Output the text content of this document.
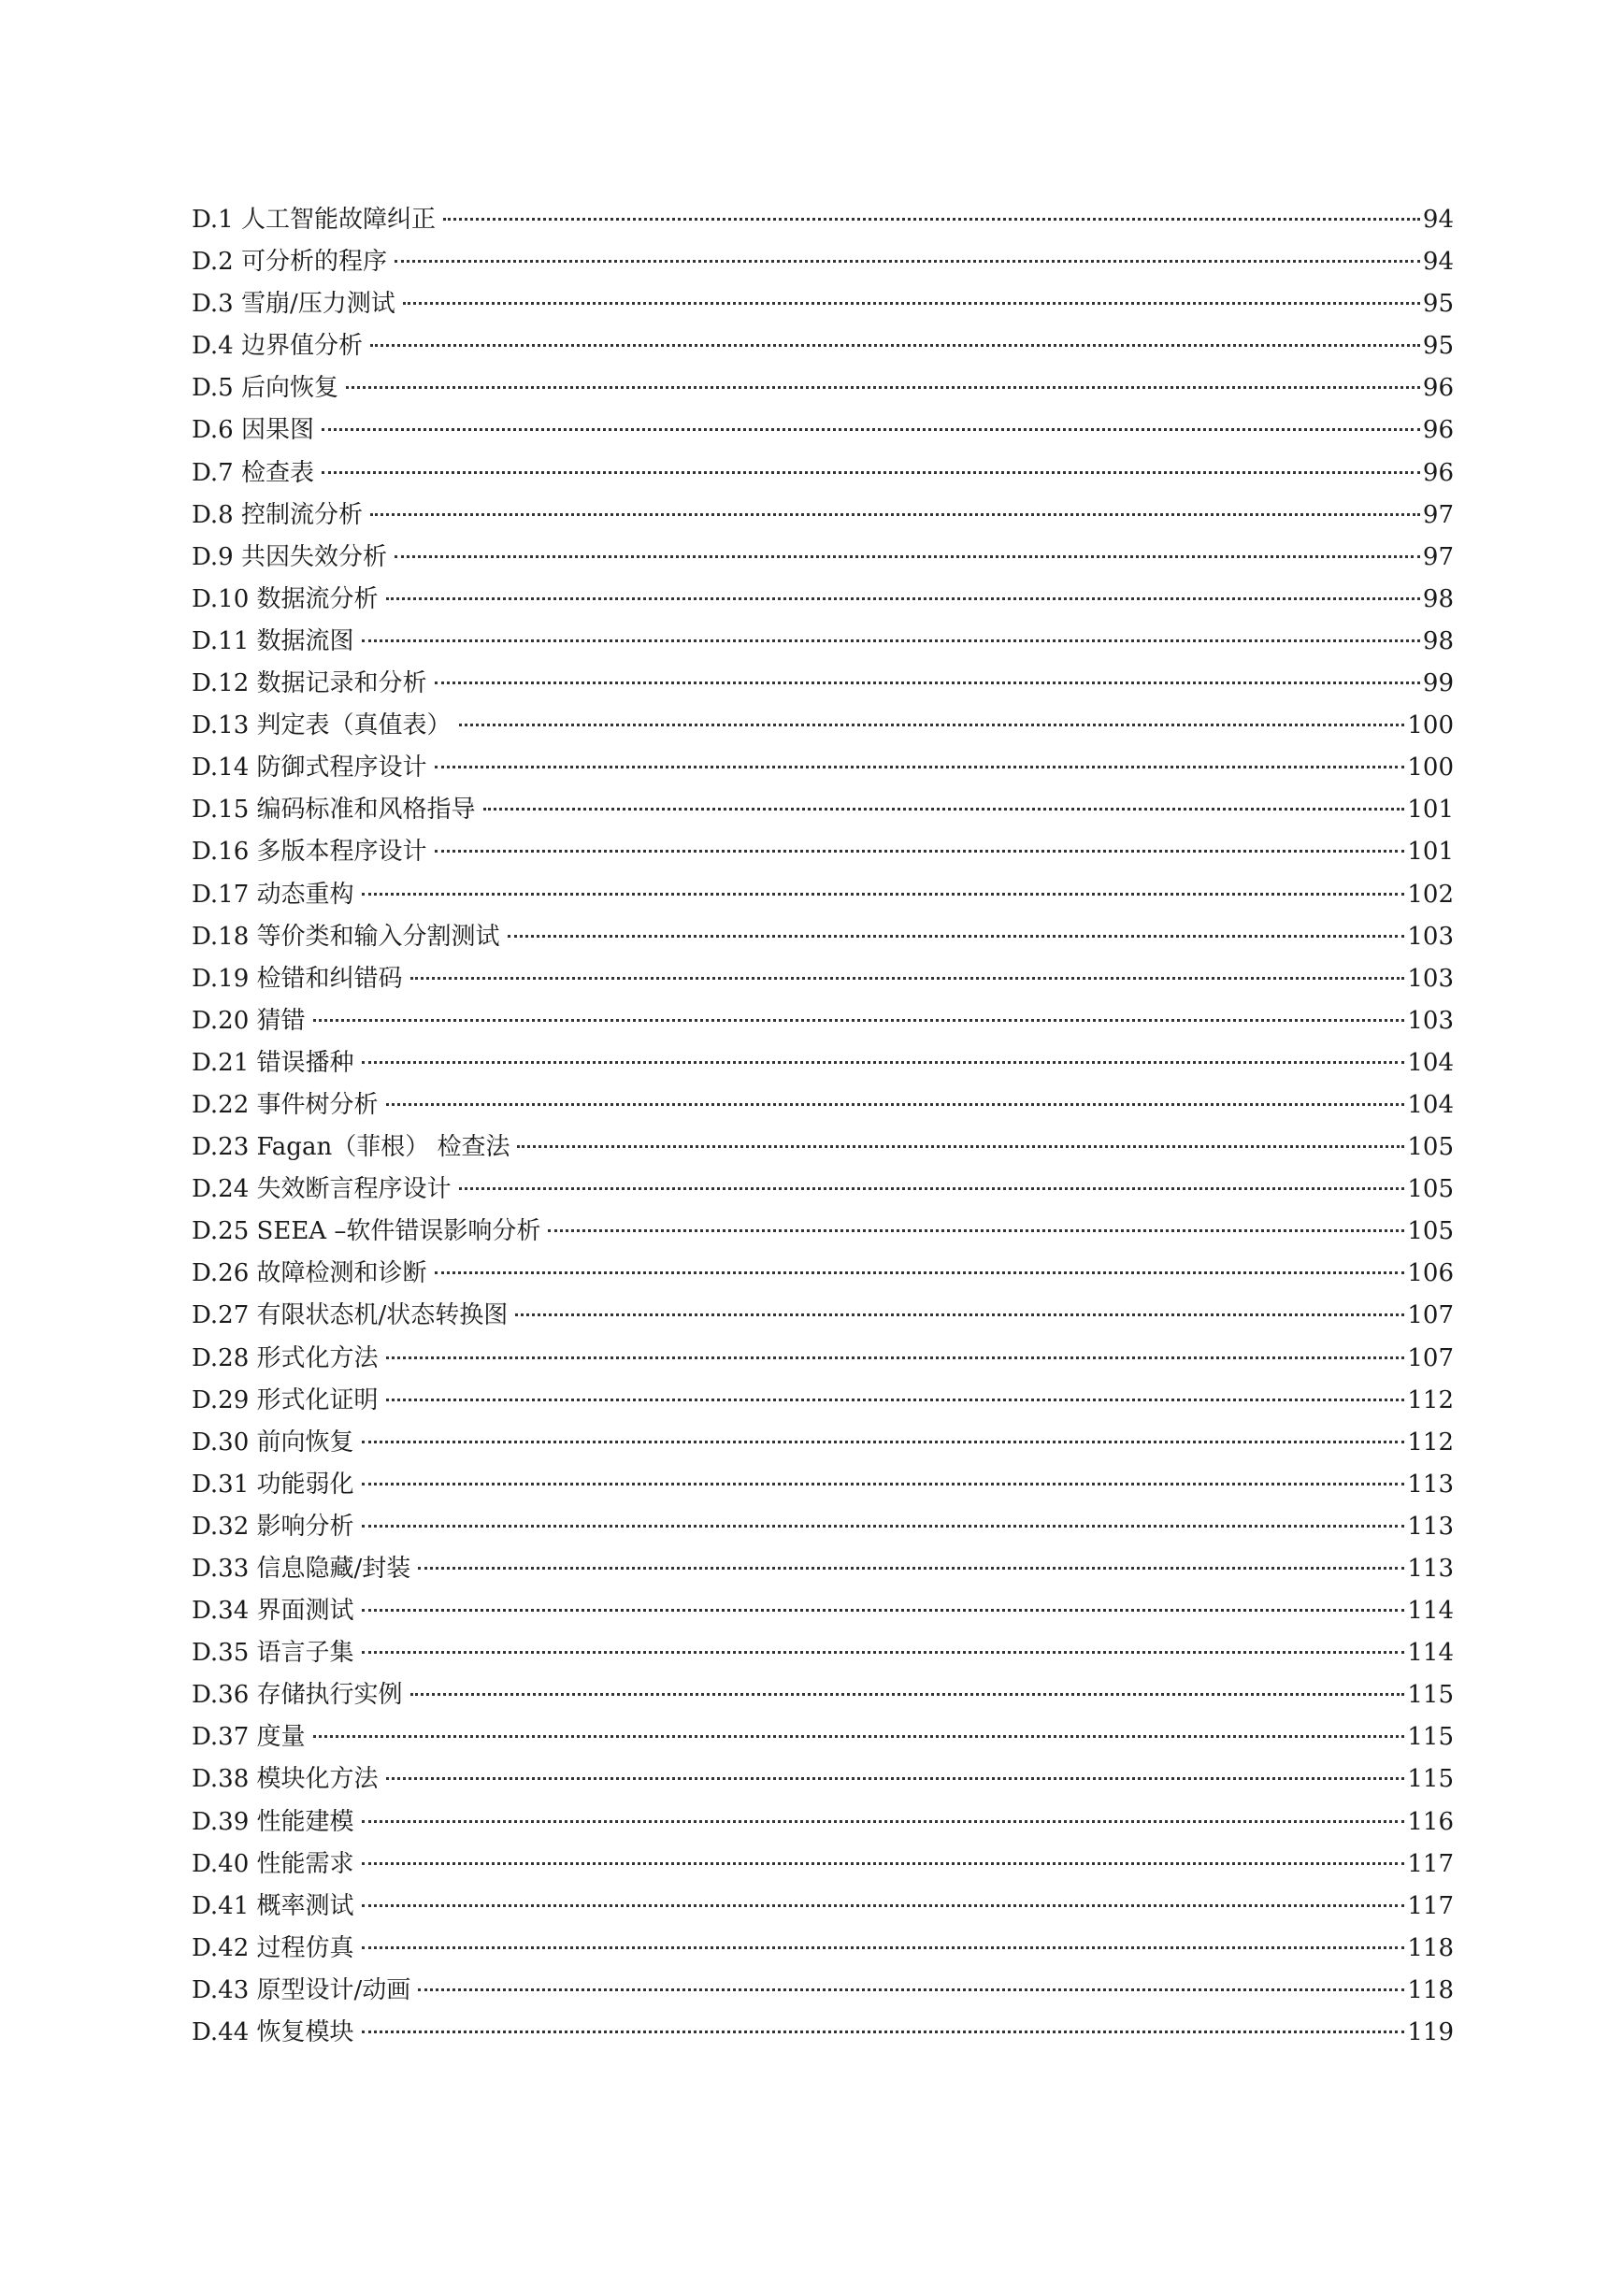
D.1 人工智能故障纠正	94
D.2 可分析的程序	94
D.3 雪崩/压力测试	95
D.4 边界值分析	95
D.5 后向恢复	96
D.6 因果图	96
D.7 检查表	96
D.8 控制流分析	97
D.9 共因失效分析	97
D.10 数据流分析	98
D.11 数据流图	98
D.12 数据记录和分析	99
D.13 判定表（真值表）	100
D.14 防御式程序设计	100
D.15 编码标准和风格指导	101
D.16 多版本程序设计	101
D.17 动态重构	102
D.18 等价类和输入分割测试	103
D.19 检错和纠错码	103
D.20 猜错	103
D.21 错误播种	104
D.22 事件树分析	104
D.23 Fagan（菲根） 检查法	105
D.24 失效断言程序设计	105
D.25 SEEA –软件错误影响分析	105
D.26 故障检测和诊断	106
D.27 有限状态机/状态转换图	107
D.28 形式化方法	107
D.29 形式化证明	112
D.30 前向恢复	112
D.31 功能弱化	113
D.32 影响分析	113
D.33 信息隐藏/封装	113
D.34 界面测试	114
D.35 语言子集	114
D.36 存储执行实例	115
D.37 度量	115
D.38 模块化方法	115
D.39 性能建模	116
D.40 性能需求	117
D.41 概率测试	117
D.42 过程仿真	118
D.43 原型设计/动画	118
D.44 恢复模块	119
